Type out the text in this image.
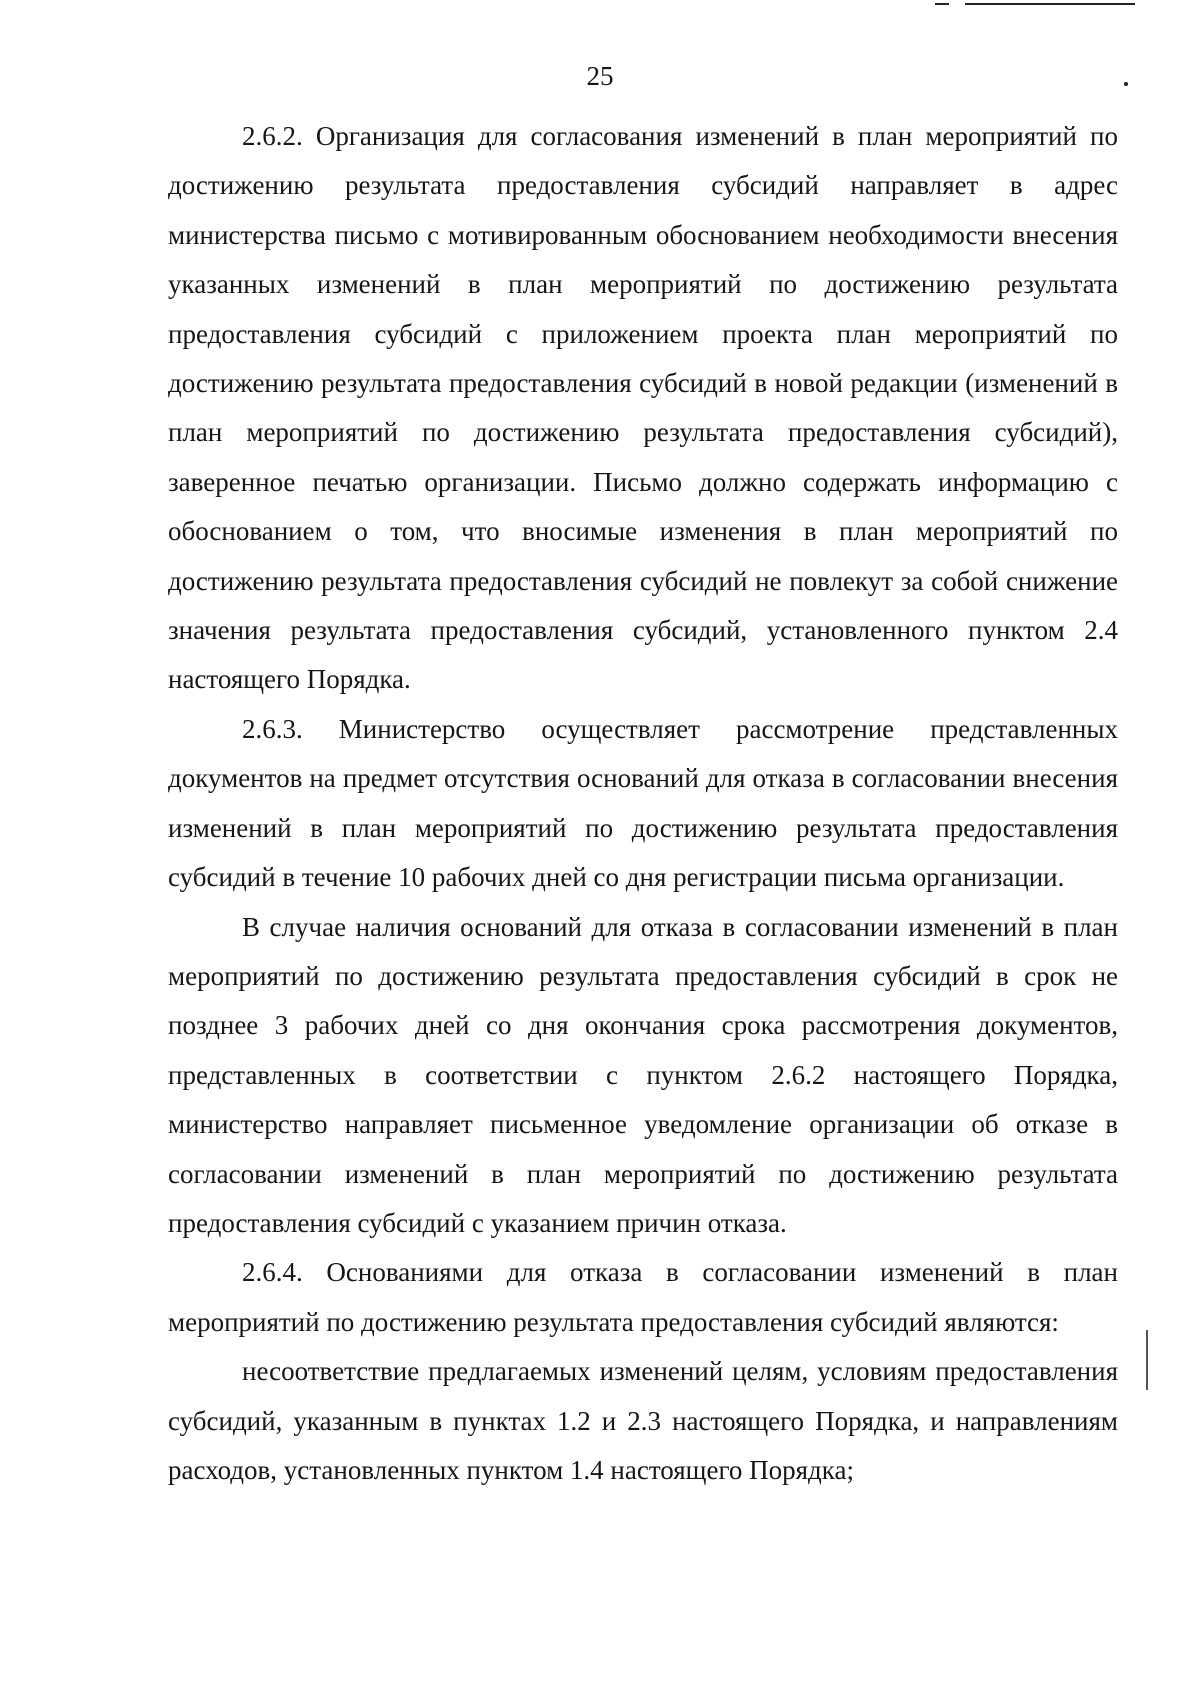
25

2.6.2. Организация для согласования изменений в план мероприятий по достижению результата предоставления субсидий направляет в адрес министерства письмо с мотивированным обоснованием необходимости внесения указанных изменений в план мероприятий по достижению результата предоставления субсидий с приложением проекта план мероприятий по достижению результата предоставления субсидий в новой редакции (изменений в план мероприятий по достижению результата предоставления субсидий), заверенное печатью организации. Письмо должно содержать информацию с обоснованием о том, что вносимые изменения в план мероприятий по достижению результата предоставления субсидий не повлекут за собой снижение значения результата предоставления субсидий, установленного пунктом 2.4 настоящего Порядка.

2.6.3. Министерство осуществляет рассмотрение представленных документов на предмет отсутствия оснований для отказа в согласовании внесения изменений в план мероприятий по достижению результата предоставления субсидий в течение 10 рабочих дней со дня регистрации письма организации.

В случае наличия оснований для отказа в согласовании изменений в план мероприятий по достижению результата предоставления субсидий в срок не позднее 3 рабочих дней со дня окончания срока рассмотрения документов, представленных в соответствии с пунктом 2.6.2 настоящего Порядка, министерство направляет письменное уведомление организации об отказе в согласовании изменений в план мероприятий по достижению результата предоставления субсидий с указанием причин отказа.

2.6.4. Основаниями для отказа в согласовании изменений в план мероприятий по достижению результата предоставления субсидий являются:

несоответствие предлагаемых изменений целям, условиям предоставления субсидий, указанным в пунктах 1.2 и 2.3 настоящего Порядка, и направлениям расходов, установленных пунктом 1.4 настоящего Порядка;
